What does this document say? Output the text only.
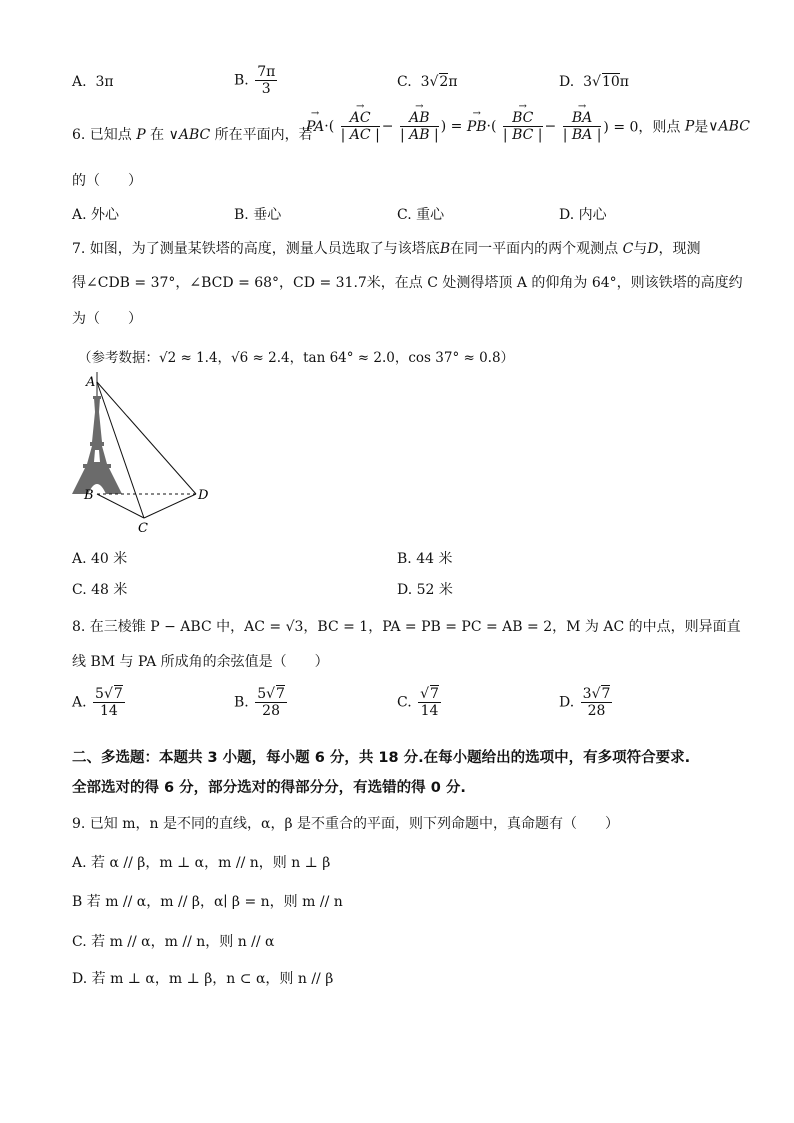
A. 3π	B. $\frac{7\pi}{3}$	C. 3√2π	D. 3√10π
6. 已知点 P 在 ∨ABC 所在平面内，若
→ PA·(
→ $\frac{AC}{| AC |}$ −
→ $\frac{AB}{| AB |}$ ) = → PB·(
→ $\frac{BC}{| BC |}$ −
→ $\frac{BA}{| BA |}$ ) = 0，则点 P是∨ABC
的（　　）
A. 外心	B. 垂心	C. 重心	D. 内心
7. 如图，为了测量某铁塔的高度，测量人员选取了与该塔底B在同一平面内的两个观测点 C与D，现测
得∠CDB = 37°，∠BCD = 68°，CD = 31.7米，在点 C 处测得塔顶 A 的仰角为 64°，则该铁塔的高度约
为（　　）
（参考数据：√2 ≈ 1.4，√6 ≈ 2.4，tan 64° ≈ 2.0，cos 37° ≈ 0.8）
A
B
C
D
A. 40 米	B. 44 米
C. 48 米	D. 52 米
8. 在三棱锥 P − ABC 中，AC = √3，BC = 1，PA = PB = PC = AB = 2，M 为 AC 的中点，则异面直
线 BM 与 PA 所成角的余弦值是（　　）
A. $\frac{5√7}{14}$	B. $\frac{5√7}{28}$	C. $\frac{√7}{14}$	D. $\frac{3√7}{28}$
二、多选题：本题共 3 小题，每小题 6 分，共 18 分.在每小题给出的选项中，有多项符合要求.
全部选对的得 6 分，部分选对的得部分分，有选错的得 0 分.
9. 已知 m，n 是不同的直线，α，β 是不重合的平面，则下列命题中，真命题有（　　）
A. 若 α // β，m ⊥ α，m // n，则 n ⊥ β
B 若 m // α，m // β，α∣ β = n，则 m // n
C. 若 m // α，m // n，则 n // α
D. 若 m ⊥ α，m ⊥ β，n ⊂ α，则 n // β
